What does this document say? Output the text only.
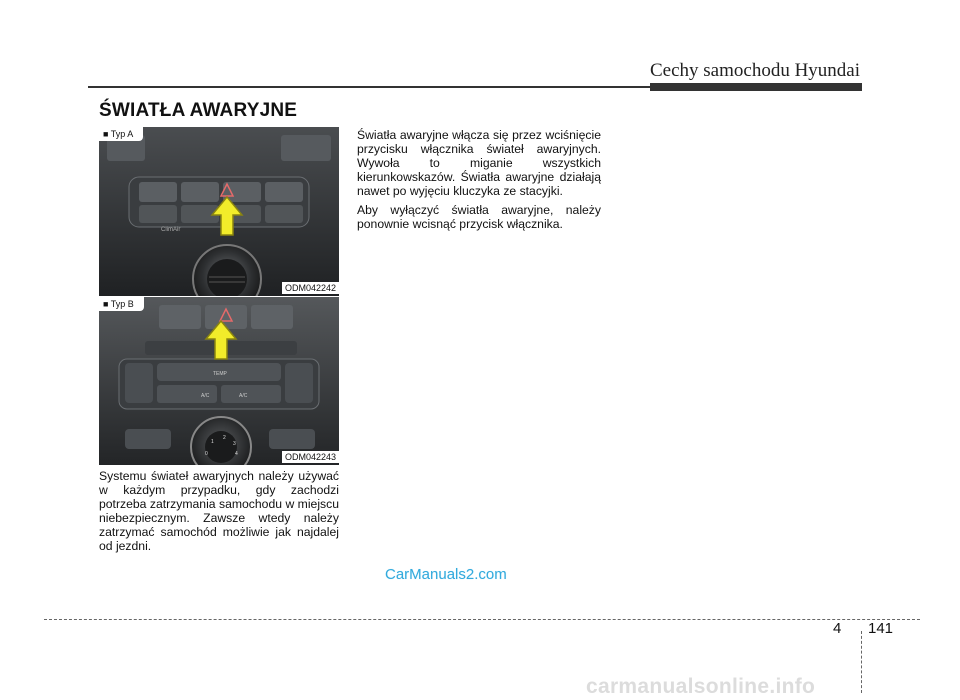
Cechy samochodu Hyundai
ŚWIATŁA AWARYJNE
ClimAir
■ Typ A
ODM042242
TEMP
A/C	A/C
1
2
3
4
0
■ Typ B
ODM042243

Systemu świateł awaryjnych należy używać w każdym przypadku, gdy zachodzi potrzeba zatrzymania samochodu w miejscu niebezpiecznym. Zawsze wtedy należy zatrzymać samochód możliwie jak najdalej od jezdni.

Światła awaryjne włącza się przez wciśnięcie przycisku włącznika świateł awaryjnych. Wywoła to miganie wszystkich kierunkowskazów. Światła awaryjne działają nawet po wyjęciu kluczyka ze stacyjki.

Aby wyłączyć światła awaryjne, należy ponownie wcisnąć przycisk włącznika.

CarManuals2.com
4 141
carmanualsonline.info
